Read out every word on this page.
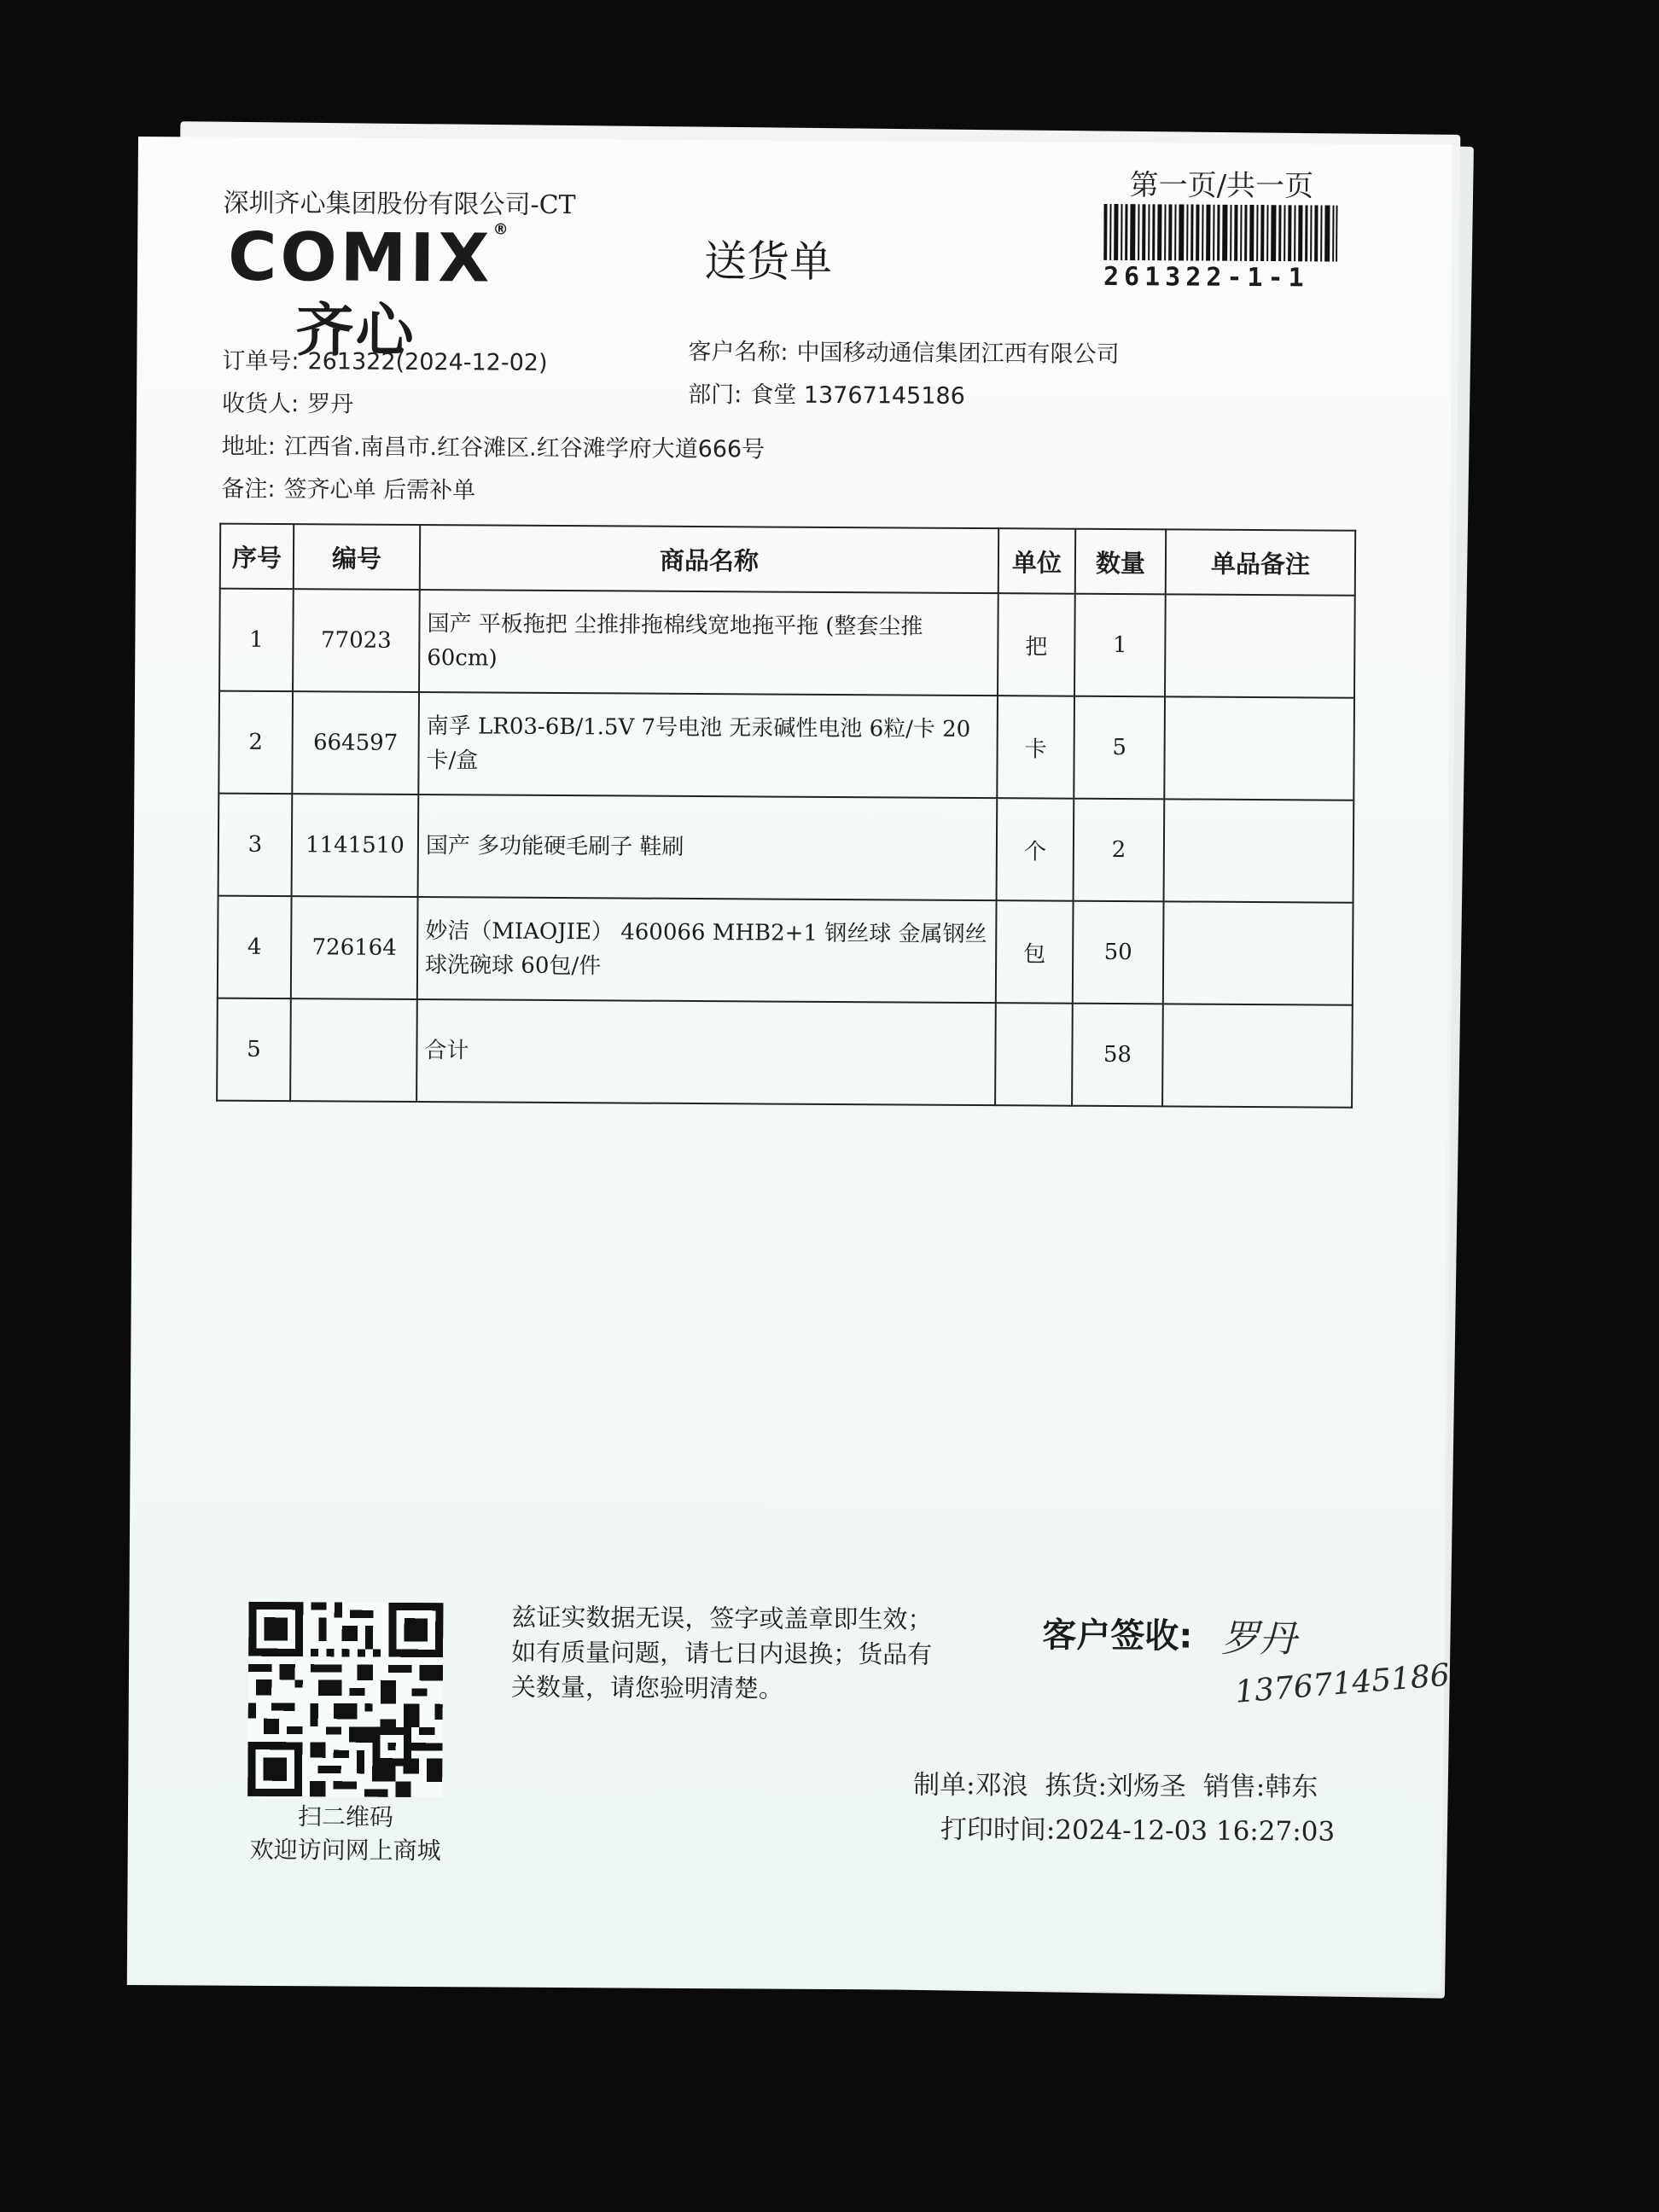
深圳齐心集团股份有限公司-CT
COMIX®
齐心
送货单
第一页/共一页
261322-1-1
订单号: 261322(2024-12-02)
收货人: 罗丹
地址: 江西省.南昌市.红谷滩区.红谷滩学府大道666号
备注: 签齐心单 后需补单
客户名称: 中国移动通信集团江西有限公司
部门: 食堂 13767145186
序号	编号	商品名称	单位	数量	单品备注
1	77023	国产 平板拖把 尘推排拖棉线宽地拖平拖 (整套尘推60cm)	把	1	
2	664597	南孚 LR03-6B/1.5V 7号电池 无汞碱性电池 6粒/卡 20卡/盒	卡	5	
3	1141510	国产 多功能硬毛刷子 鞋刷	个	2	
4	726164	妙洁（MIAOJIE） 460066 MHB2+1 钢丝球 金属钢丝球洗碗球 60包/件	包	50	
5		合计		58	
扫二维码
欢迎访问网上商城
兹证实数据无误，签字或盖章即生效；如有质量问题，请七日内退换；货品有关数量，请您验明清楚。
客户签收: 罗丹
13767145186
制单:邓浪 拣货:刘炀圣 销售:韩东
打印时间:2024-12-03 16:27:03
